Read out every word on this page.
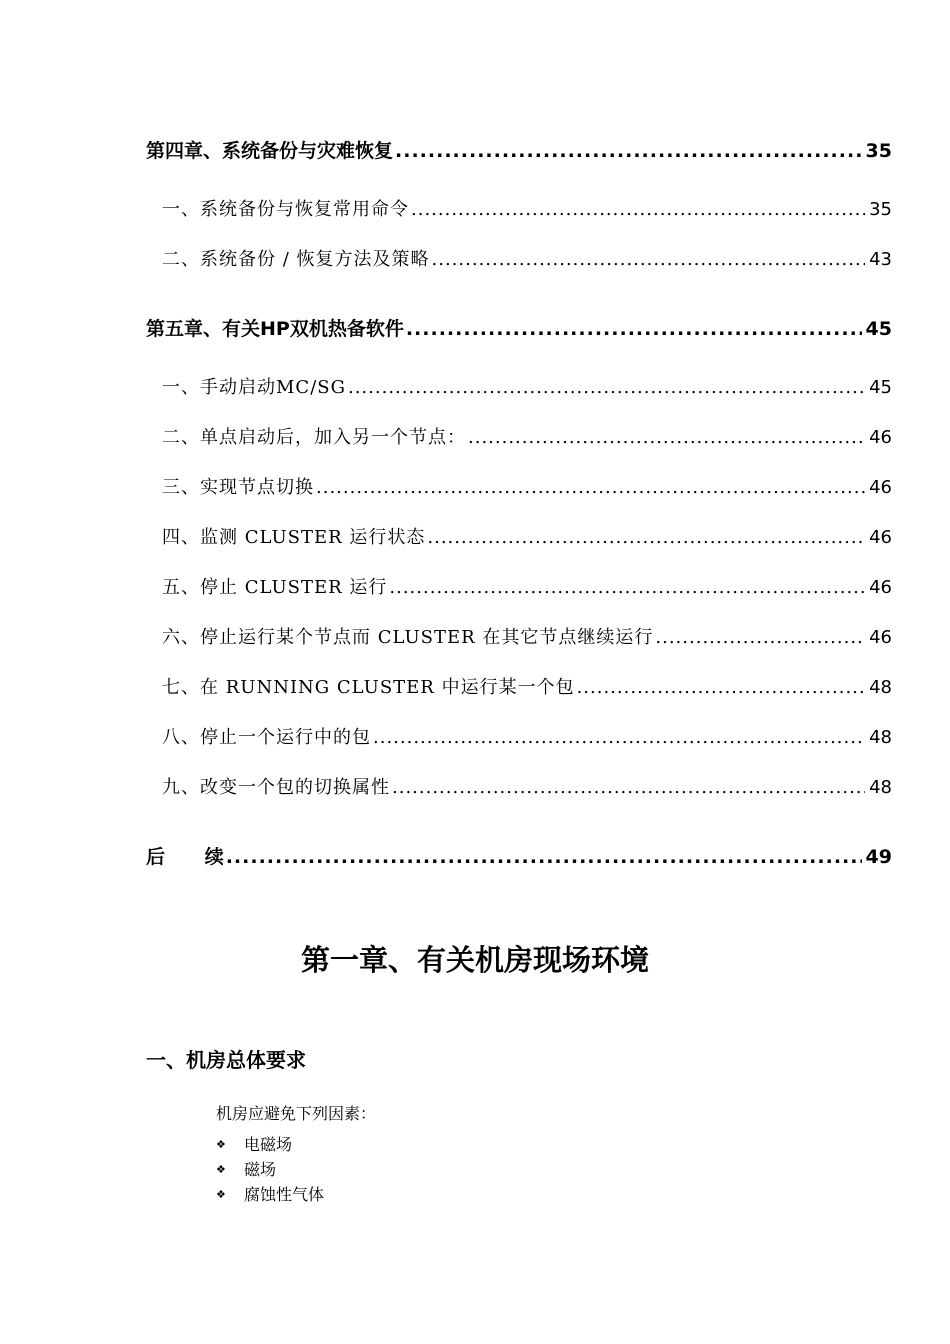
第四章、系统备份与灾难恢复 .....	35
一、系统备份与恢复常用命令 .....	35
二、系统备份 / 恢复方法及策略 .....	43
第五章、有关HP双机热备软件 .....	45
一、手动启动MC/SG .....	45
二、单点启动后，加入另一个节点： .....	46
三、实现节点切换 .....	46
四、监测 CLUSTER 运行状态 .....	46
五、停止 CLUSTER 运行 .....	46
六、停止运行某个节点而 CLUSTER 在其它节点继续运行 .....	46
七、在 RUNNING CLUSTER 中运行某一个包 .....	48
八、停止一个运行中的包 .....	48
九、改变一个包的切换属性 .....	48
后      续 .....	49
第一章、有关机房现场环境
一、机房总体要求

机房应避免下列因素：

❖	电磁场
❖	磁场
❖	腐蚀性气体
